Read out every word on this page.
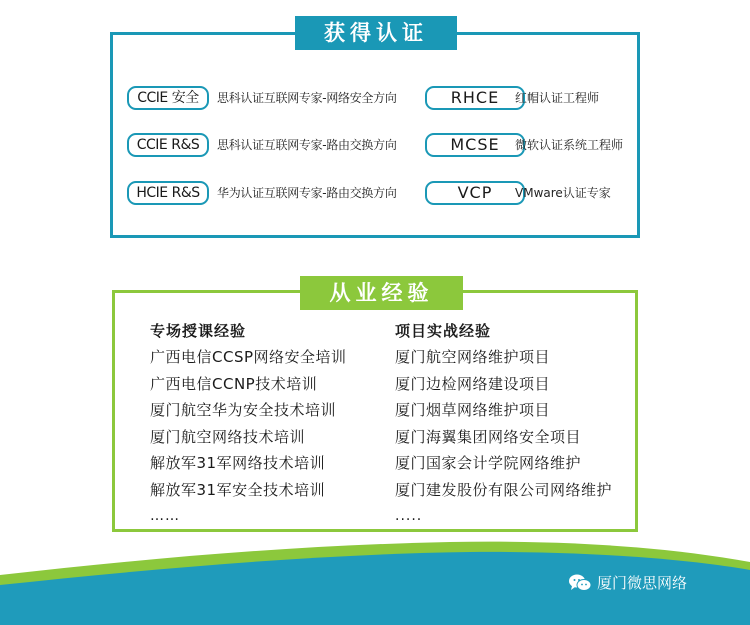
获得认证
CCIE 安全	思科认证互联网专家-网络安全方向	RHCE	红帽认证工程师
CCIE R&S	思科认证互联网专家-路由交换方向	MCSE	微软认证系统工程师
HCIE R&S	华为认证互联网专家-路由交换方向	VCP	VMware认证专家
从业经验
专场授课经验
广西电信CCSP网络安全培训
广西电信CCNP技术培训
厦门航空华为安全技术培训
厦门航空网络技术培训
解放军31军网络技术培训
解放军31军安全技术培训
……
项目实战经验
厦门航空网络维护项目
厦门边检网络建设项目
厦门烟草网络维护项目
厦门海翼集团网络安全项目
厦门国家会计学院网络维护
厦门建发股份有限公司网络维护
.....
厦门微思网络
